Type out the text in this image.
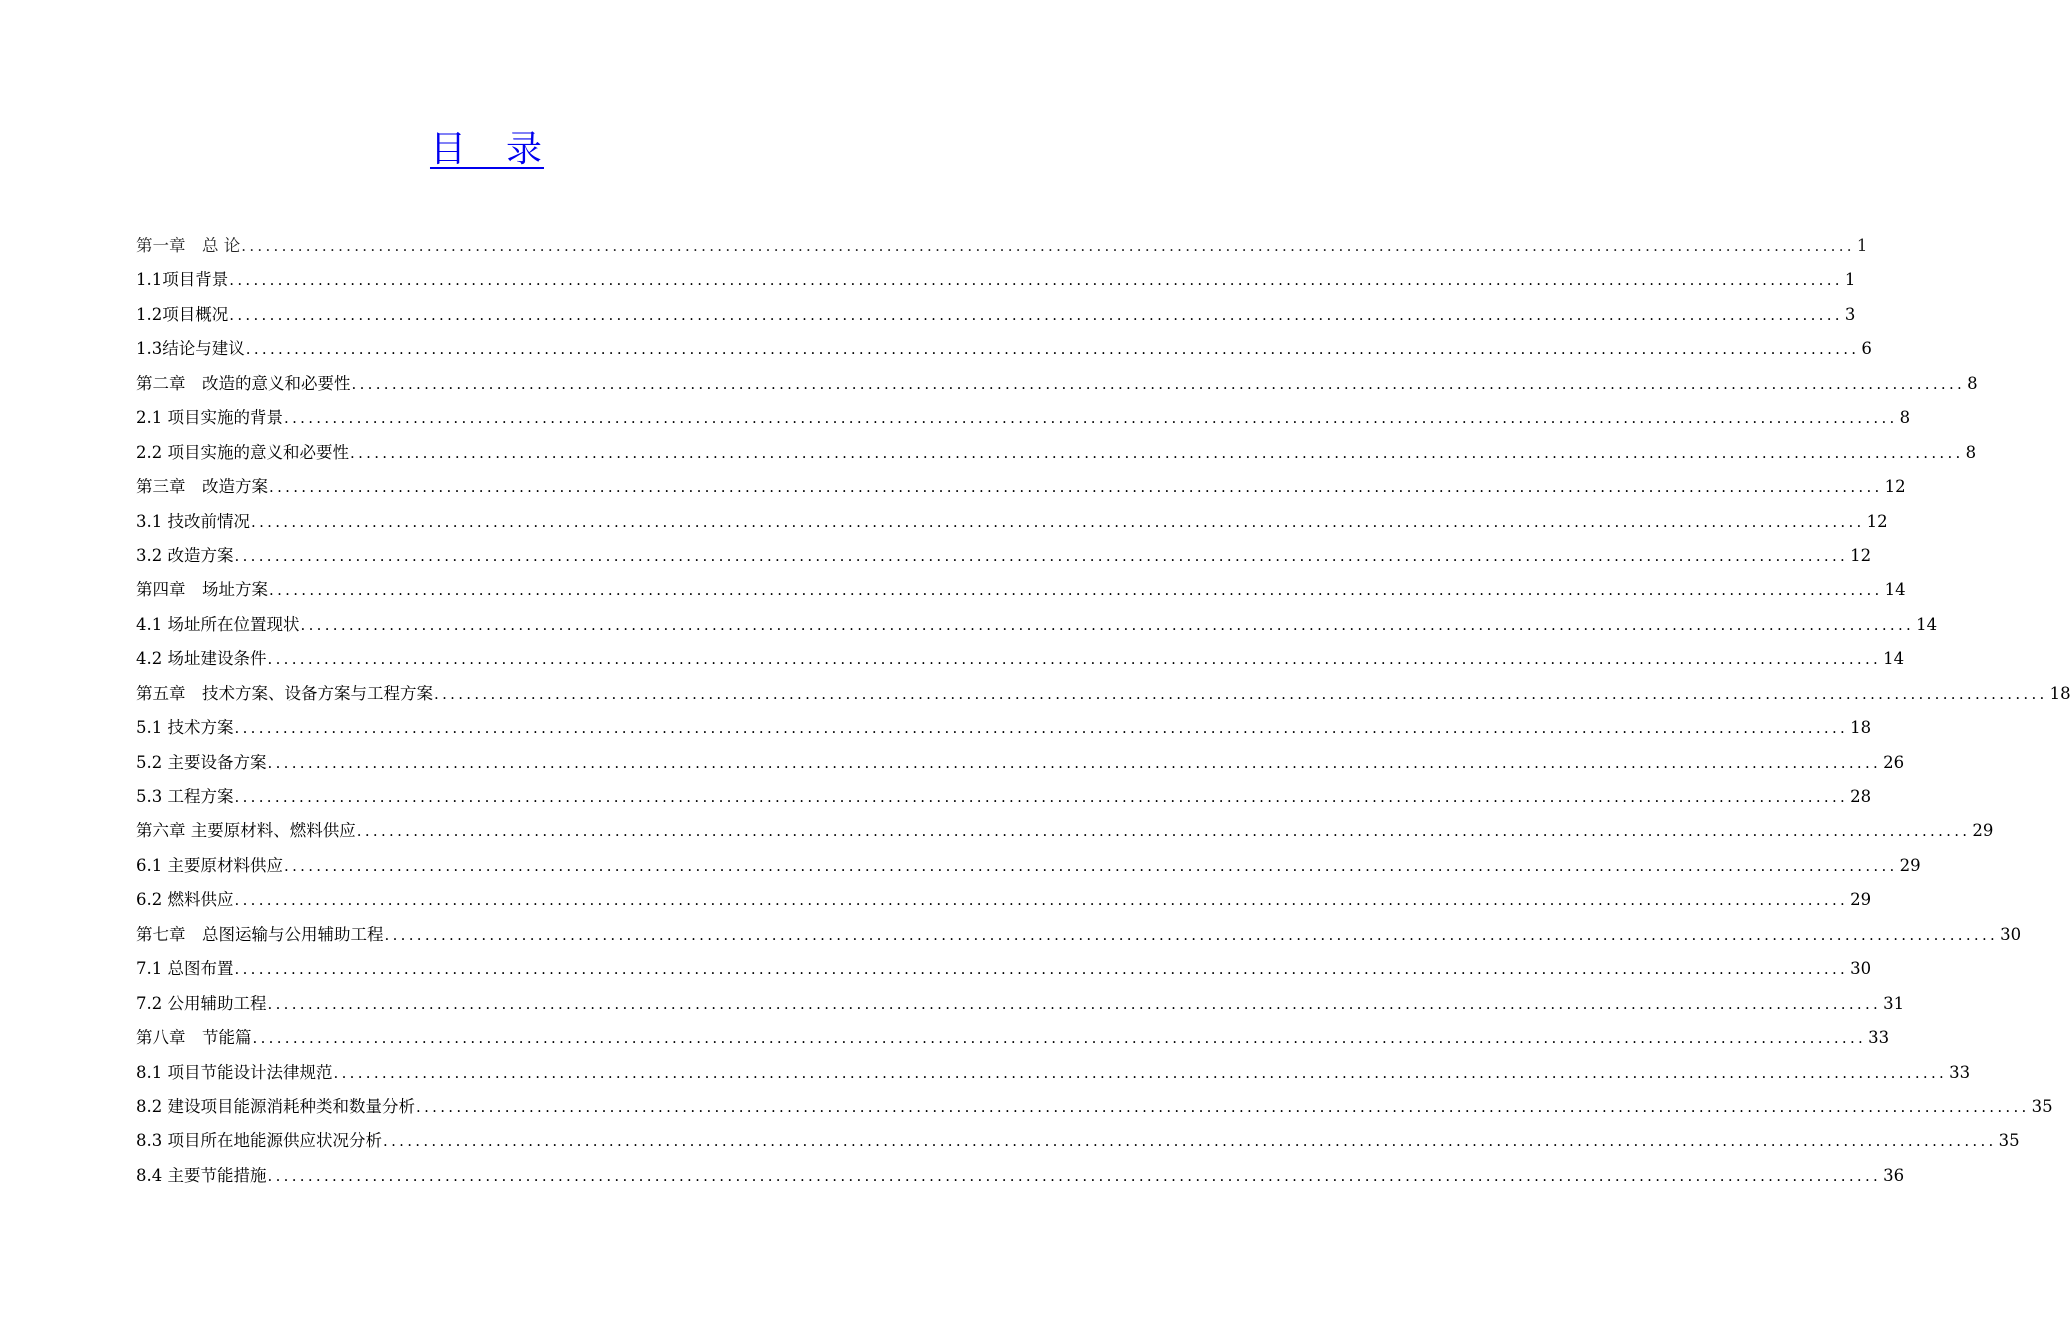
目　录
第一章　总 论 ........................................................................................................................................................................................................ 1
1.1项目背景 ........................................................................................................................................................................................................ 1
1.2项目概况 ........................................................................................................................................................................................................ 3
1.3结论与建议 ........................................................................................................................................................................................................ 6
第二章　改造的意义和必要性 ........................................................................................................................................................................................................ 8
2.1 项目实施的背景 ........................................................................................................................................................................................................ 8
2.2 项目实施的意义和必要性 ........................................................................................................................................................................................................ 8
第三章　改造方案 ........................................................................................................................................................................................................ 12
3.1 技改前情况 ........................................................................................................................................................................................................ 12
3.2 改造方案 ........................................................................................................................................................................................................ 12
第四章　场址方案 ........................................................................................................................................................................................................ 14
4.1 场址所在位置现状 ........................................................................................................................................................................................................ 14
4.2 场址建设条件 ........................................................................................................................................................................................................ 14
第五章　技术方案、设备方案与工程方案 ........................................................................................................................................................................................................ 18
5.1 技术方案 ........................................................................................................................................................................................................ 18
5.2 主要设备方案 ........................................................................................................................................................................................................ 26
5.3 工程方案 ........................................................................................................................................................................................................ 28
第六章 主要原材料、燃料供应 ........................................................................................................................................................................................................ 29
6.1 主要原材料供应 ........................................................................................................................................................................................................ 29
6.2 燃料供应 ........................................................................................................................................................................................................ 29
第七章　总图运输与公用辅助工程 ........................................................................................................................................................................................................ 30
7.1 总图布置 ........................................................................................................................................................................................................ 30
7.2 公用辅助工程 ........................................................................................................................................................................................................ 31
第八章　节能篇 ........................................................................................................................................................................................................ 33
8.1 项目节能设计法律规范 ........................................................................................................................................................................................................ 33
8.2 建设项目能源消耗种类和数量分析 ........................................................................................................................................................................................................ 35
8.3 项目所在地能源供应状况分析 ........................................................................................................................................................................................................ 35
8.4 主要节能措施 ........................................................................................................................................................................................................ 36
